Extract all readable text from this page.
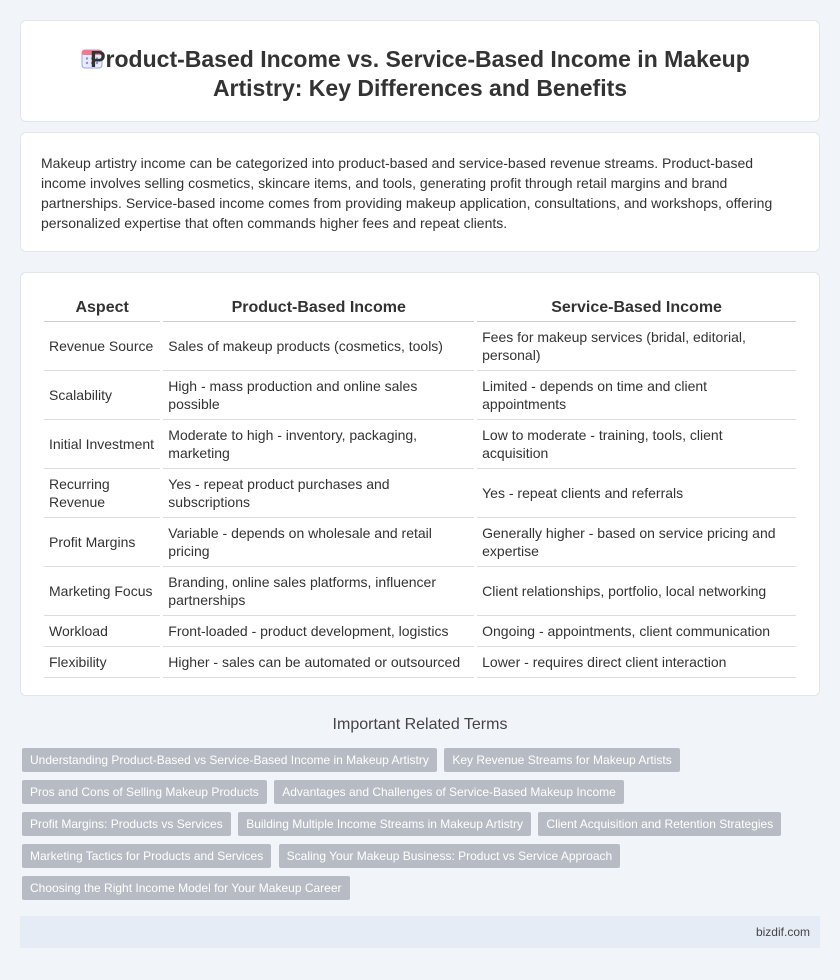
Product-Based Income vs. Service-Based Income in Makeup Artistry: Key Differences and Benefits

Makeup artistry income can be categorized into product-based and service-based revenue streams. Product-based income involves selling cosmetics, skincare items, and tools, generating profit through retail margins and brand partnerships. Service-based income comes from providing makeup application, consultations, and workshops, offering personalized expertise that often commands higher fees and repeat clients.

Aspect	Product-Based Income	Service-Based Income
Revenue Source	Sales of makeup products (cosmetics, tools)	Fees for makeup services (bridal, editorial, personal)
Scalability	High - mass production and online sales possible	Limited - depends on time and client appointments
Initial Investment	Moderate to high - inventory, packaging, marketing	Low to moderate - training, tools, client acquisition
Recurring Revenue	Yes - repeat product purchases and subscriptions	Yes - repeat clients and referrals
Profit Margins	Variable - depends on wholesale and retail pricing	Generally higher - based on service pricing and expertise
Marketing Focus	Branding, online sales platforms, influencer partnerships	Client relationships, portfolio, local networking
Workload	Front-loaded - product development, logistics	Ongoing - appointments, client communication
Flexibility	Higher - sales can be automated or outsourced	Lower - requires direct client interaction
Important Related Terms
Understanding Product-Based vs Service-Based Income in Makeup Artistry Key Revenue Streams for Makeup Artists Pros and Cons of Selling Makeup Products Advantages and Challenges of Service-Based Makeup Income Profit Margins: Products vs Services Building Multiple Income Streams in Makeup Artistry Client Acquisition and Retention Strategies Marketing Tactics for Products and Services Scaling Your Makeup Business: Product vs Service Approach Choosing the Right Income Model for Your Makeup Career
bizdif.com
